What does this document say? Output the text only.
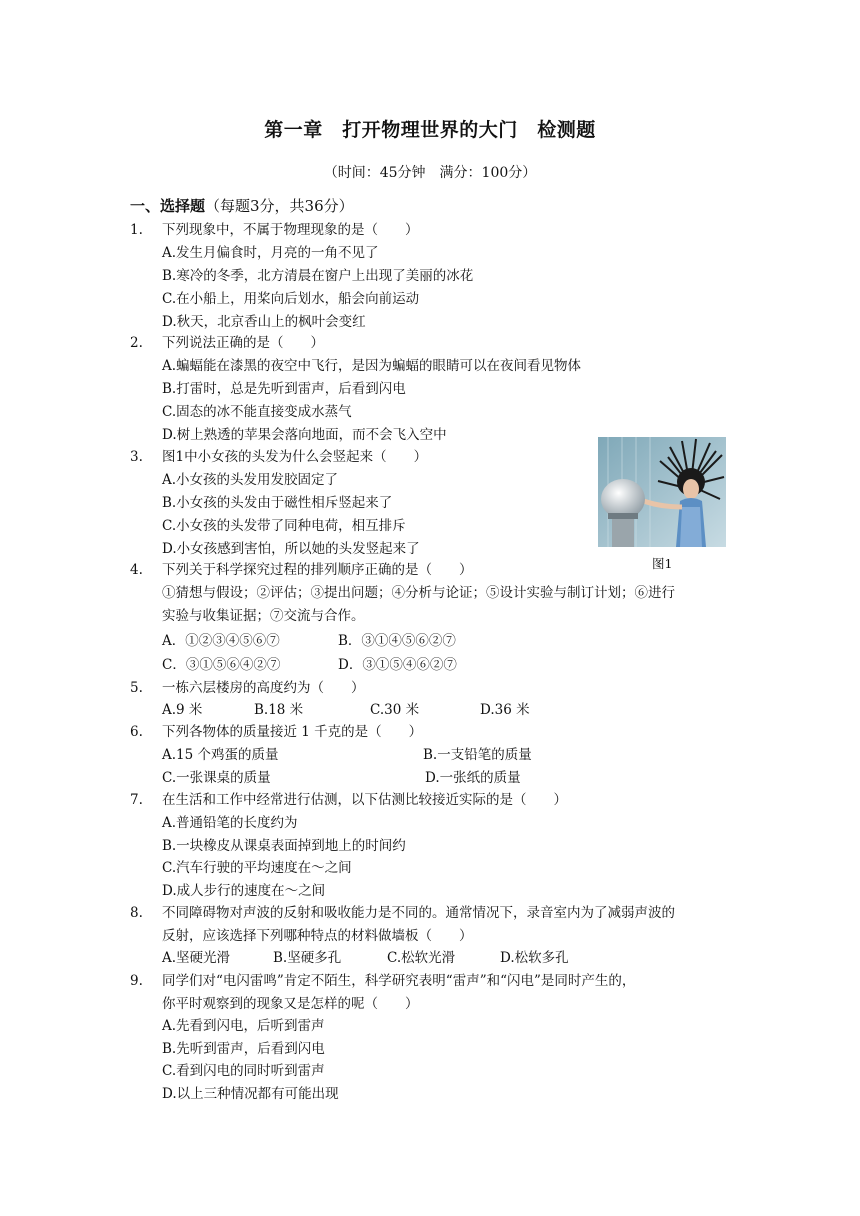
第一章　打开物理世界的大门　检测题
（时间：45分钟　满分：100分）
一、选择题（每题3分，共36分）
1. 下列现象中，不属于物理现象的是（　　）
A.发生月偏食时，月亮的一角不见了
B.寒冷的冬季，北方清晨在窗户上出现了美丽的冰花
C.在小船上，用桨向后划水，船会向前运动
D.秋天，北京香山上的枫叶会变红
2. 下列说法正确的是（　　）
A.蝙蝠能在漆黑的夜空中飞行，是因为蝙蝠的眼睛可以在夜间看见物体
B.打雷时，总是先听到雷声，后看到闪电
C.固态的冰不能直接变成水蒸气
D.树上熟透的苹果会落向地面，而不会飞入空中
3. 图1中小女孩的头发为什么会竖起来（　　）
A.小女孩的头发用发胶固定了
B.小女孩的头发由于磁性相斥竖起来了
C.小女孩的头发带了同种电荷，相互排斥
D.小女孩感到害怕，所以她的头发竖起来了
图1
4. 下列关于科学探究过程的排列顺序正确的是（　　）
①猜想与假设；②评估；③提出问题；④分析与论证；⑤设计实验与制订计划；⑥进行
实验与收集证据；⑦交流与合作。
A．①②③④⑤⑥⑦	B．③①④⑤⑥②⑦
C．③①⑤⑥④②⑦	D．③①⑤④⑥②⑦
5. 一栋六层楼房的高度约为（　　）
A.9 米	B.18 米	C.30 米	D.36 米
6. 下列各物体的质量接近 1 千克的是（　　）
A.15 个鸡蛋的质量	B.一支铅笔的质量
C.一张课桌的质量	D.一张纸的质量
7. 在生活和工作中经常进行估测，以下估测比较接近实际的是（　　）
A.普通铅笔的长度约为
B.一块橡皮从课桌表面掉到地上的时间约
C.汽车行驶的平均速度在～之间
D.成人步行的速度在～之间
8. 不同障碍物对声波的反射和吸收能力是不同的。通常情况下，录音室内为了减弱声波的
反射，应该选择下列哪种特点的材料做墙板（　　）
A.坚硬光滑	B.坚硬多孔	C.松软光滑	D.松软多孔
9. 同学们对“电闪雷鸣”肯定不陌生，科学研究表明“雷声”和“闪电”是同时产生的，
你平时观察到的现象又是怎样的呢（　　）
A.先看到闪电，后听到雷声
B.先听到雷声，后看到闪电
C.看到闪电的同时听到雷声
D.以上三种情况都有可能出现
